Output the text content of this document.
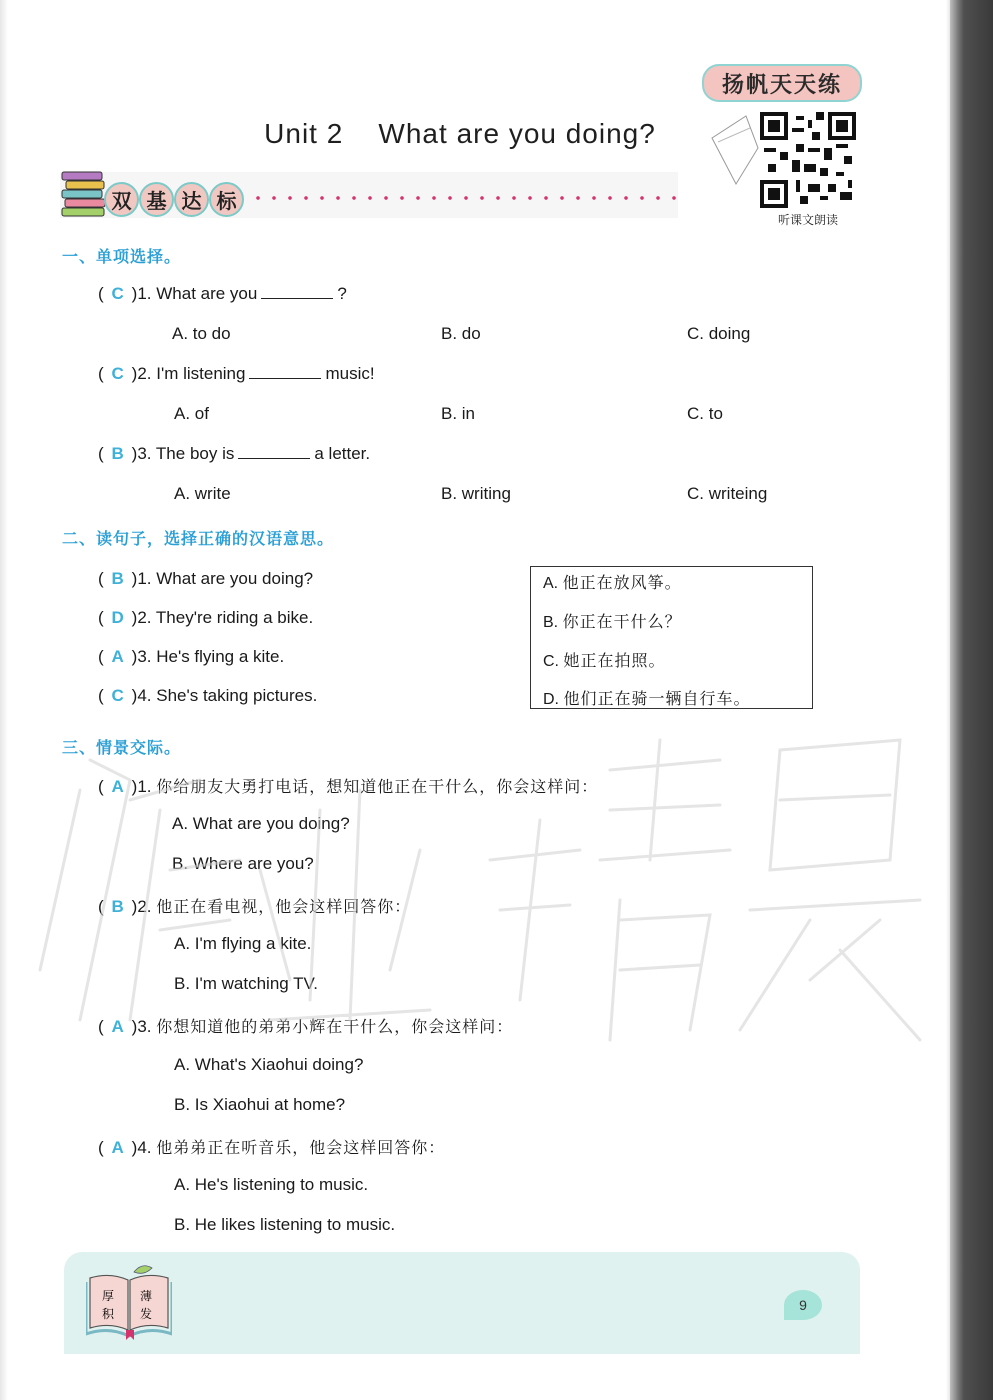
扬帆天天练
听课文朗读
Unit 2    What are you doing?
双 基 达 标
一、单项选择。
( C )1. What are you	?
A. to do	B. do	C. doing
( C )2. I'm listening	music!
A. of	B. in	C. to
( B )3. The boy is	a letter.
A. write	B. writing	C. writeing
二、读句子，选择正确的汉语意思。
( B )1. What are you doing?
( D )2. They're riding a bike.
( A )3. He's flying a kite.
( C )4. She's taking pictures.
A. 他正在放风筝。
B. 你正在干什么？
C. 她正在拍照。
D. 他们正在骑一辆自行车。
三、情景交际。
( A )1. 你给朋友大勇打电话，想知道他正在干什么，你会这样问：
A. What are you doing?
B. Where are you?
( B )2. 他正在看电视，他会这样回答你：
A. I'm flying a kite.
B. I'm watching TV.
( A )3. 你想知道他的弟弟小辉在干什么，你会这样问：
A. What's Xiaohui doing?
B. Is Xiaohui at home?
( A )4. 他弟弟正在听音乐，他会这样回答你：
A. He's listening to music.
B. He likes listening to music.
厚 薄
积 发
9
